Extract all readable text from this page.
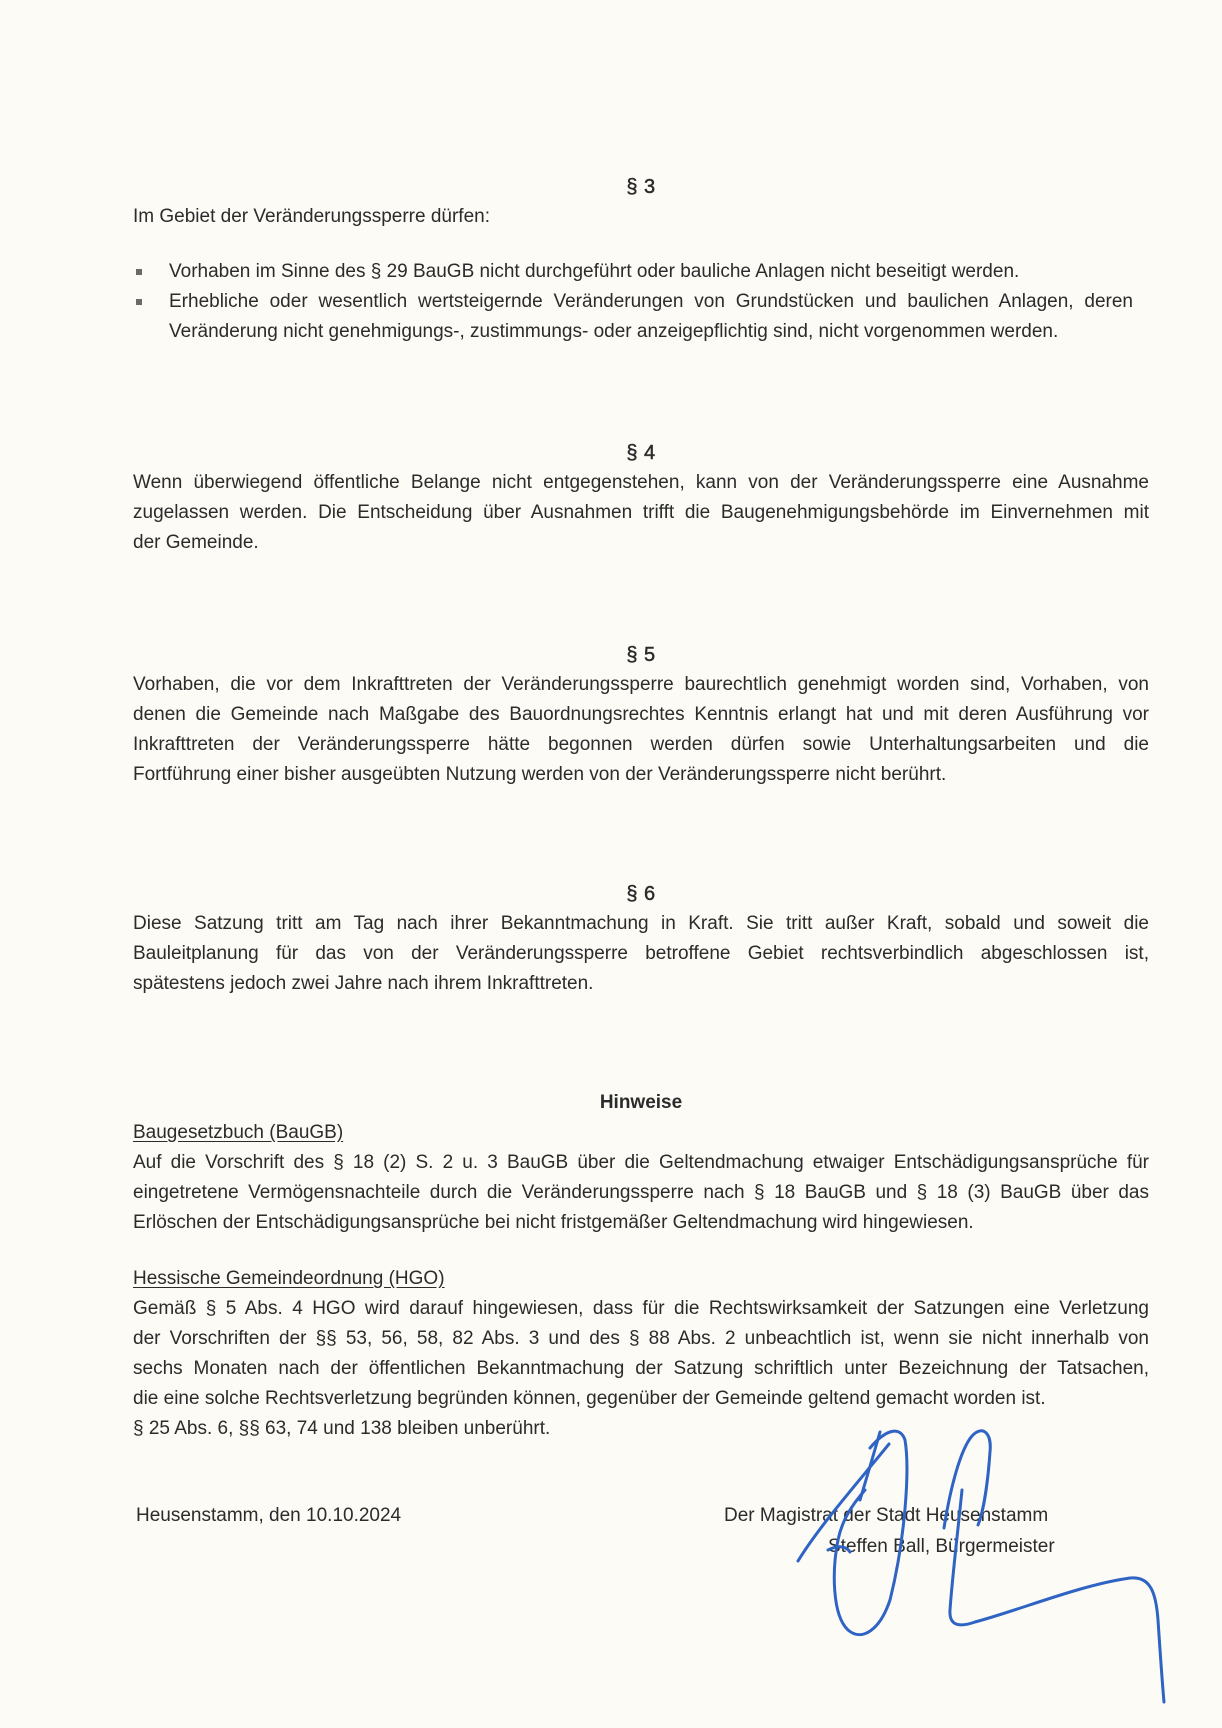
§ 3
Im Gebiet der Veränderungssperre dürfen:
Vorhaben im Sinne des § 29 BauGB nicht durchgeführt oder bauliche Anlagen nicht beseitigt werden.
Erhebliche oder wesentlich wertsteigernde Veränderungen von Grundstücken und baulichen Anlagen, deren
Veränderung nicht genehmigungs-, zustimmungs- oder anzeigepflichtig sind, nicht vorgenommen werden.
§ 4
Wenn überwiegend öffentliche Belange nicht entgegenstehen, kann von der Veränderungssperre eine Ausnahme
zugelassen werden. Die Entscheidung über Ausnahmen trifft die Baugenehmigungsbehörde im Einvernehmen mit
der Gemeinde.
§ 5
Vorhaben, die vor dem Inkrafttreten der Veränderungssperre baurechtlich genehmigt worden sind, Vorhaben, von
denen die Gemeinde nach Maßgabe des Bauordnungsrechtes Kenntnis erlangt hat und mit deren Ausführung vor
Inkrafttreten der Veränderungssperre hätte begonnen werden dürfen sowie Unterhaltungsarbeiten und die
Fortführung einer bisher ausgeübten Nutzung werden von der Veränderungssperre nicht berührt.
§ 6
Diese Satzung tritt am Tag nach ihrer Bekanntmachung in Kraft. Sie tritt außer Kraft, sobald und soweit die
Bauleitplanung für das von der Veränderungssperre betroffene Gebiet rechtsverbindlich abgeschlossen ist,
spätestens jedoch zwei Jahre nach ihrem Inkrafttreten.
Hinweise
Baugesetzbuch (BauGB)
Auf die Vorschrift des § 18 (2) S. 2 u. 3 BauGB über die Geltendmachung etwaiger Entschädigungsansprüche für
eingetretene Vermögensnachteile durch die Veränderungssperre nach § 18 BauGB und § 18 (3) BauGB über das
Erlöschen der Entschädigungsansprüche bei nicht fristgemäßer Geltendmachung wird hingewiesen.
Hessische Gemeindeordnung (HGO)
Gemäß § 5 Abs. 4 HGO wird darauf hingewiesen, dass für die Rechtswirksamkeit der Satzungen eine Verletzung
der Vorschriften der §§ 53, 56, 58, 82 Abs. 3 und des § 88 Abs. 2 unbeachtlich ist, wenn sie nicht innerhalb von
sechs Monaten nach der öffentlichen Bekanntmachung der Satzung schriftlich unter Bezeichnung der Tatsachen,
die eine solche Rechtsverletzung begründen können, gegenüber der Gemeinde geltend gemacht worden ist.
§ 25 Abs. 6, §§ 63, 74 und 138 bleiben unberührt.
Heusenstamm, den 10.10.2024	Der Magistrat der Stadt Heusenstamm
Steffen Ball, Bürgermeister
